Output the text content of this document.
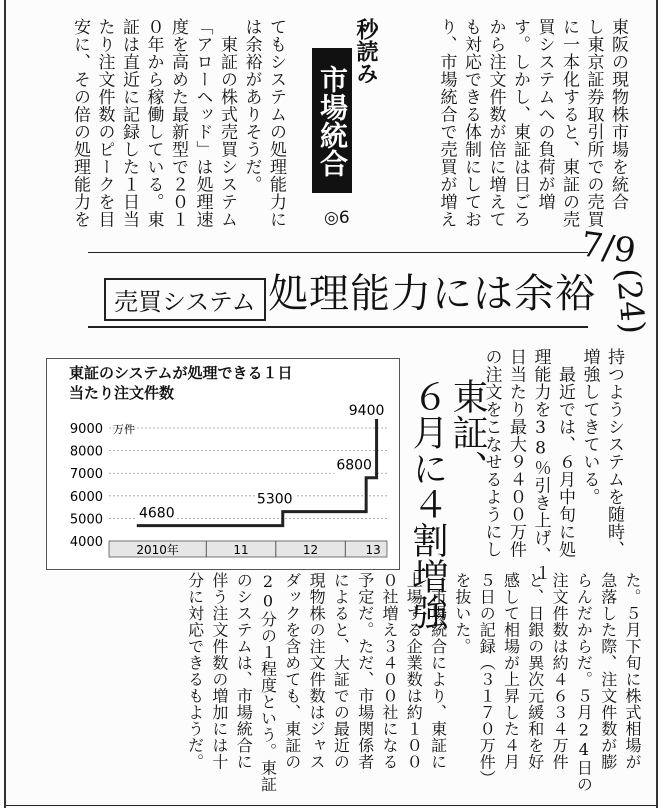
東阪の現物株市場を統合
し東京証券取引所での売買
に一本化すると、東証の売
買システムへの負荷が増
す。しかし、東証は日ごろ
から注文件数が倍に増えて
も対応できる体制にしてお
り、市場統合で売買が増え
秒読み
市場統合
◎6
てもシステムの処理能力に
は余裕がありそうだ。
　東証の株式売買システム
「アローヘッド」は処理速
度を高めた最新型で２０１
０年から稼働している。東
証は直近に記録した１日当
たり注文件数のピークを目
安に、その倍の処理能力を
売買システム 処理能力には余裕
7/9
(24)
持つようシステムを随時、
増強してきている。
　最近では、６月中旬に処
理能力を38％引き上げ、１
日当たり最大９４００万件
の注文をこなせるようにし
東証、
６月に４割増強
東証のシステムが処理できる１日
当たり注文件数
9000
8000
7000
6000
5000
4000
万件
2010年	11	12	13
4680
5300
6800
9400
た。５月下旬に株式相場が
急落した際、注文件数が膨
らんだからだ。５月24日の
注文件数は約４６３４万件
と、日銀の異次元緩和を好
感して相場が上昇した４月
５日の記録（３１７０万件）
を抜いた。
　市場統合により、東証に
上場する企業数は約１００
０社増え３４００社になる
予定だ。ただ、市場関係者
によると、大証での最近の
現物株の注文件数はジャス
ダックを含めても、東証の
20分の１程度という。東証
のシステムは、市場統合に
伴う注文件数の増加には十
分に対応できるもようだ。
